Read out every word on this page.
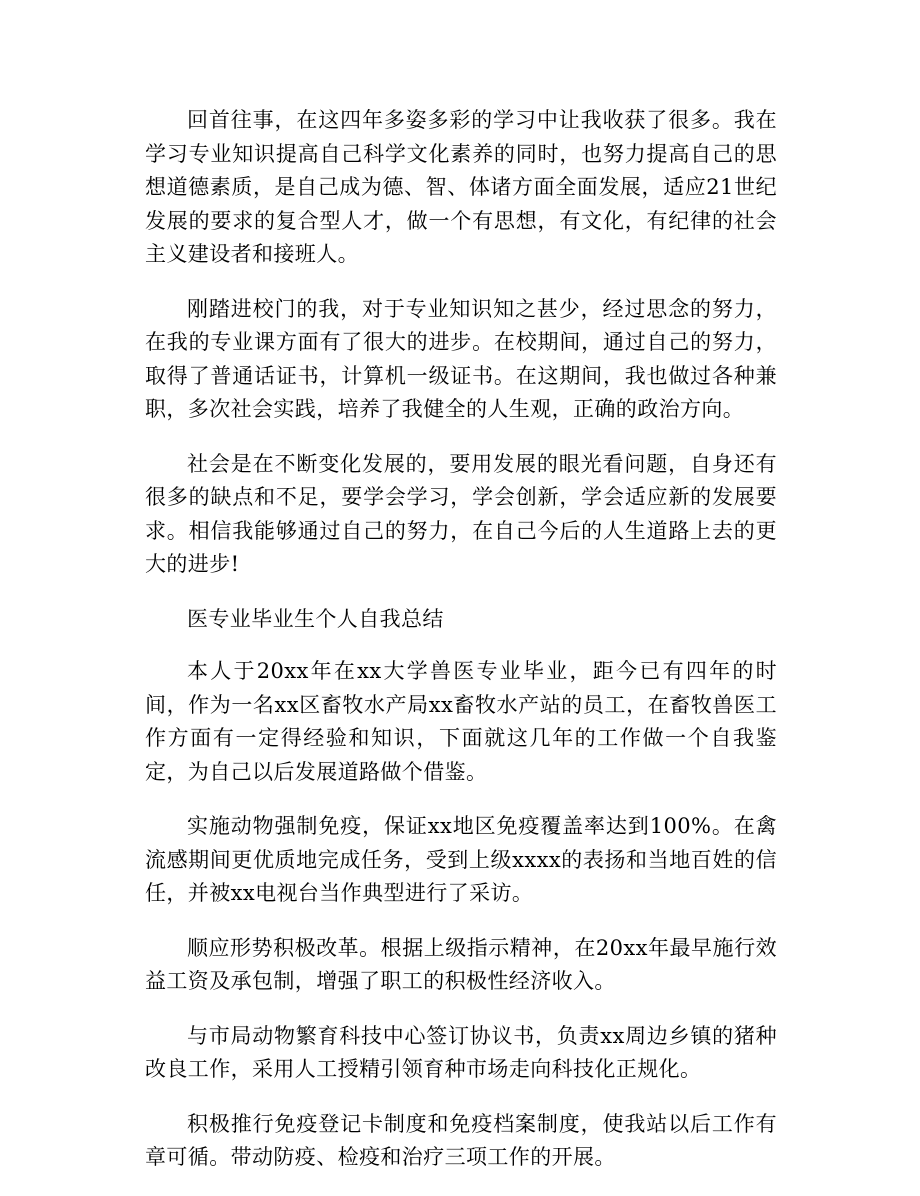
回首往事，在这四年多姿多彩的学习中让我收获了很多。我在学习专业知识提高自己科学文化素养的同时，也努力提高自己的思想道德素质，是自己成为德、智、体诸方面全面发展，适应21世纪发展的要求的复合型人才，做一个有思想，有文化，有纪律的社会主义建设者和接班人。

刚踏进校门的我，对于专业知识知之甚少，经过思念的努力，在我的专业课方面有了很大的进步。在校期间，通过自己的努力，取得了普通话证书，计算机一级证书。在这期间，我也做过各种兼职，多次社会实践，培养了我健全的人生观，正确的政治方向。

社会是在不断变化发展的，要用发展的眼光看问题，自身还有很多的缺点和不足，要学会学习，学会创新，学会适应新的发展要求。相信我能够通过自己的努力，在自己今后的人生道路上去的更大的进步!

医专业毕业生个人自我总结

本人于20xx年在xx大学兽医专业毕业，距今已有四年的时间，作为一名xx区畜牧水产局xx畜牧水产站的员工，在畜牧兽医工作方面有一定得经验和知识，下面就这几年的工作做一个自我鉴定，为自己以后发展道路做个借鉴。

实施动物强制免疫，保证xx地区免疫覆盖率达到100%。在禽流感期间更优质地完成任务，受到上级xxxx的表扬和当地百姓的信任，并被xx电视台当作典型进行了采访。

顺应形势积极改革。根据上级指示精神，在20xx年最早施行效益工资及承包制，增强了职工的积极性经济收入。

与市局动物繁育科技中心签订协议书，负责xx周边乡镇的猪种改良工作，采用人工授精引领育种市场走向科技化正规化。

积极推行免疫登记卡制度和免疫档案制度，使我站以后工作有章可循。带动防疫、检疫和治疗三项工作的开展。
